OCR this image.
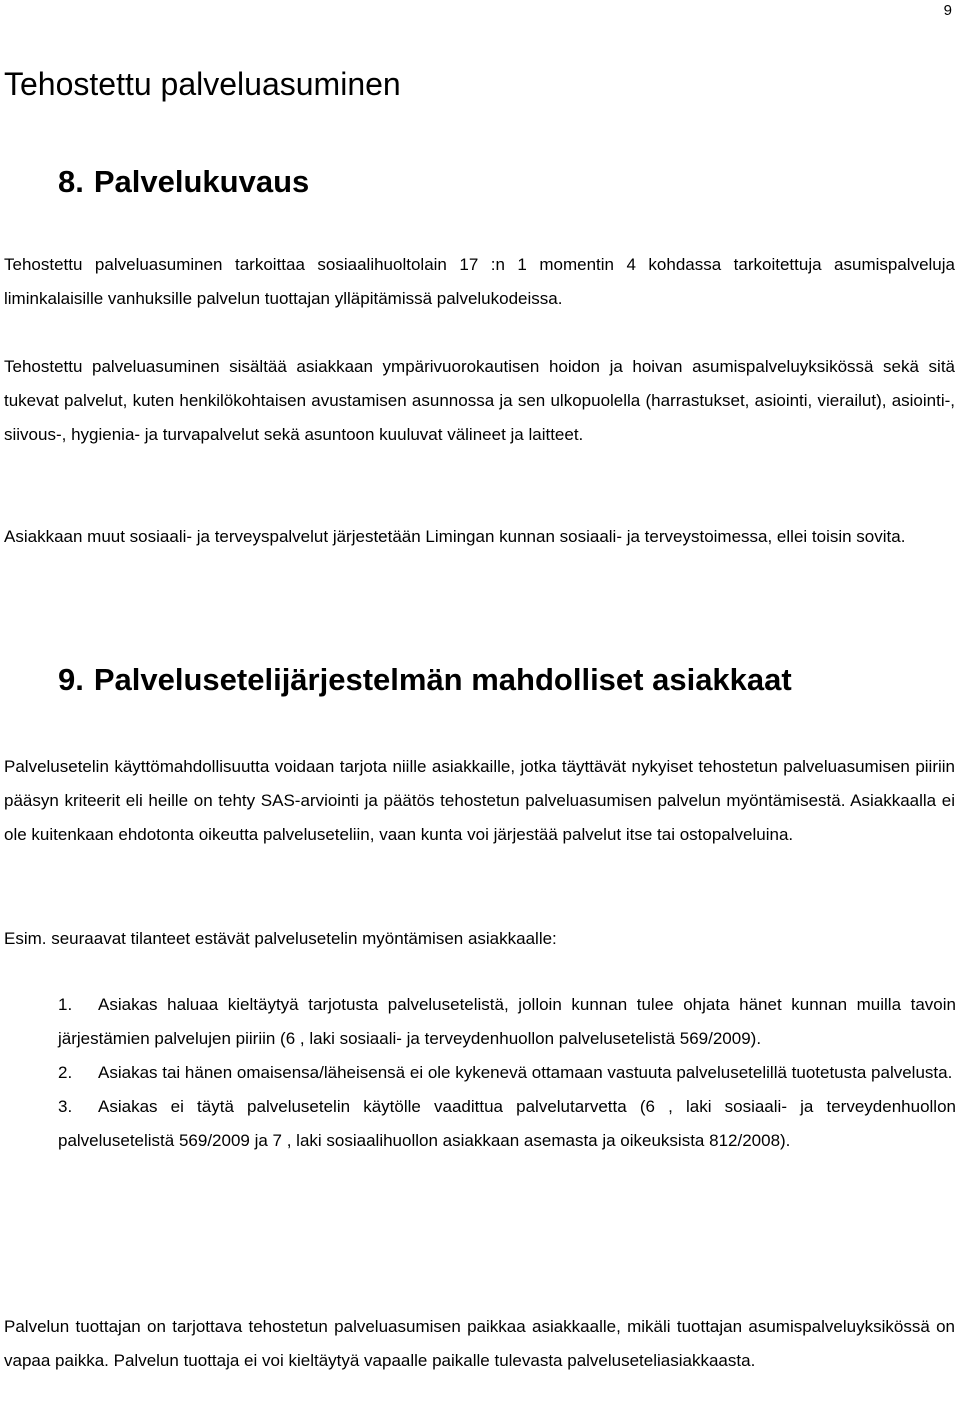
9
Tehostettu palveluasuminen
8. Palvelukuvaus

Tehostettu palveluasuminen tarkoittaa sosiaalihuoltolain 17 :n 1 momentin 4 kohdassa tarkoitettuja asumispalveluja liminkalaisille vanhuksille palvelun tuottajan ylläpitämissä palvelukodeissa.

Tehostettu palveluasuminen sisältää asiakkaan ympärivuorokautisen hoidon ja hoivan asumispalveluyksikössä sekä sitä tukevat palvelut, kuten henkilökohtaisen avustamisen asunnossa ja sen ulkopuolella (harrastukset, asiointi, vierailut), asiointi-, siivous-, hygienia- ja turvapalvelut sekä asuntoon kuuluvat välineet ja laitteet.

Asiakkaan muut sosiaali- ja terveyspalvelut järjestetään Limingan kunnan sosiaali- ja terveystoimessa, ellei toisin sovita.

9. Palvelusetelijärjestelmän mahdolliset asiakkaat

Palvelusetelin käyttömahdollisuutta voidaan tarjota niille asiakkaille, jotka täyttävät nykyiset tehostetun palveluasumisen piiriin pääsyn kriteerit eli heille on tehty SAS-arviointi ja päätös tehostetun palveluasumisen palvelun myöntämisestä. Asiakkaalla ei ole kuitenkaan ehdotonta oikeutta palveluseteliin, vaan kunta voi järjestää palvelut itse tai ostopalveluina.

Esim. seuraavat tilanteet estävät palvelusetelin myöntämisen asiakkaalle:

1. Asiakas haluaa kieltäytyä tarjotusta palvelusetelistä, jolloin kunnan tulee ohjata hänet kunnan muilla tavoin järjestämien palvelujen piiriin (6 , laki sosiaali- ja terveydenhuollon palvelusetelistä 569/2009).
2. Asiakas tai hänen omaisensa/läheisensä ei ole kykenevä ottamaan vastuuta palvelusetelillä tuotetusta palvelusta.
3. Asiakas ei täytä palvelusetelin käytölle vaadittua palvelutarvetta (6 , laki sosiaali- ja terveydenhuollon palvelusetelistä 569/2009 ja 7 , laki sosiaalihuollon asiakkaan asemasta ja oikeuksista 812/2008).

Palvelun tuottajan on tarjottava tehostetun palveluasumisen paikkaa asiakkaalle, mikäli tuottajan asumispalveluyksikössä on vapaa paikka. Palvelun tuottaja ei voi kieltäytyä vapaalle paikalle tulevasta palveluseteliasiakkaasta.
